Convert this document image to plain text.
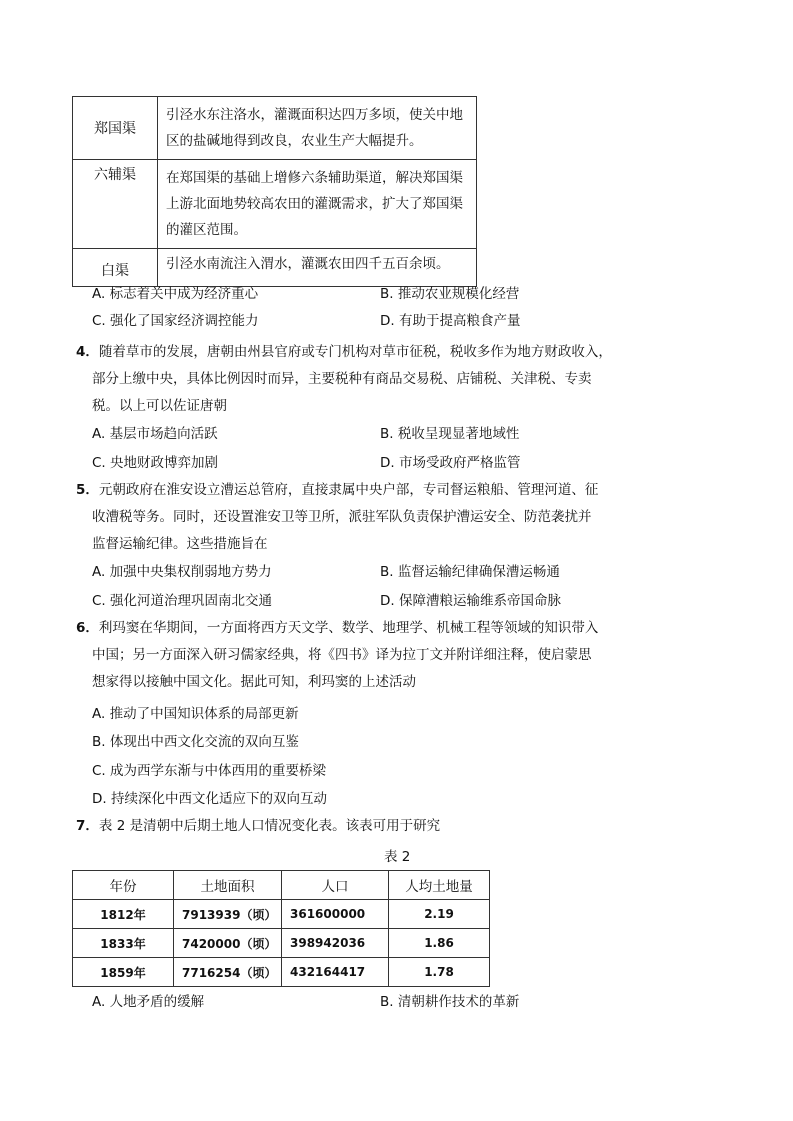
郑国渠	引泾水东注洛水，灌溉面积达四万多顷，使关中地
区的盐碱地得到改良，农业生产大幅提升。

六辅渠	在郑国渠的基础上增修六条辅助渠道，解决郑国渠
上游北面地势较高农田的灌溉需求，扩大了郑国渠
的灌区范围。

白渠	引泾水南流注入渭水，灌溉农田四千五百余顷。
A. 标志着关中成为经济重心	B. 推动农业规模化经营
C. 强化了国家经济调控能力	D. 有助于提高粮食产量
4．随着草市的发展，唐朝由州县官府或专门机构对草市征税，税收多作为地方财政收入，
部分上缴中央，具体比例因时而异，主要税种有商品交易税、店铺税、关津税、专卖
税。以上可以佐证唐朝
A. 基层市场趋向活跃	B. 税收呈现显著地域性
C. 央地财政博弈加剧	D. 市场受政府严格监管
5．元朝政府在淮安设立漕运总管府，直接隶属中央户部，专司督运粮船、管理河道、征
收漕税等务。同时，还设置淮安卫等卫所，派驻军队负责保护漕运安全、防范袭扰并
监督运输纪律。这些措施旨在
A. 加强中央集权削弱地方势力	B. 监督运输纪律确保漕运畅通
C. 强化河道治理巩固南北交通	D. 保障漕粮运输维系帝国命脉
6．利玛窦在华期间，一方面将西方天文学、数学、地理学、机械工程等领域的知识带入
中国；另一方面深入研习儒家经典，将《四书》译为拉丁文并附详细注释，使启蒙思
想家得以接触中国文化。据此可知，利玛窦的上述活动
A. 推动了中国知识体系的局部更新
B. 体现出中西文化交流的双向互鉴
C. 成为西学东渐与中体西用的重要桥梁
D. 持续深化中西文化适应下的双向互动
7．表 2 是清朝中后期土地人口情况变化表。该表可用于研究
表 2
年份	土地面积	人口	人均土地量
1812年	7913939（顷）	361600000	2.19
1833年	7420000（顷）	398942036	1.86
1859年	7716254（顷）	432164417	1.78
A. 人地矛盾的缓解	B. 清朝耕作技术的革新
